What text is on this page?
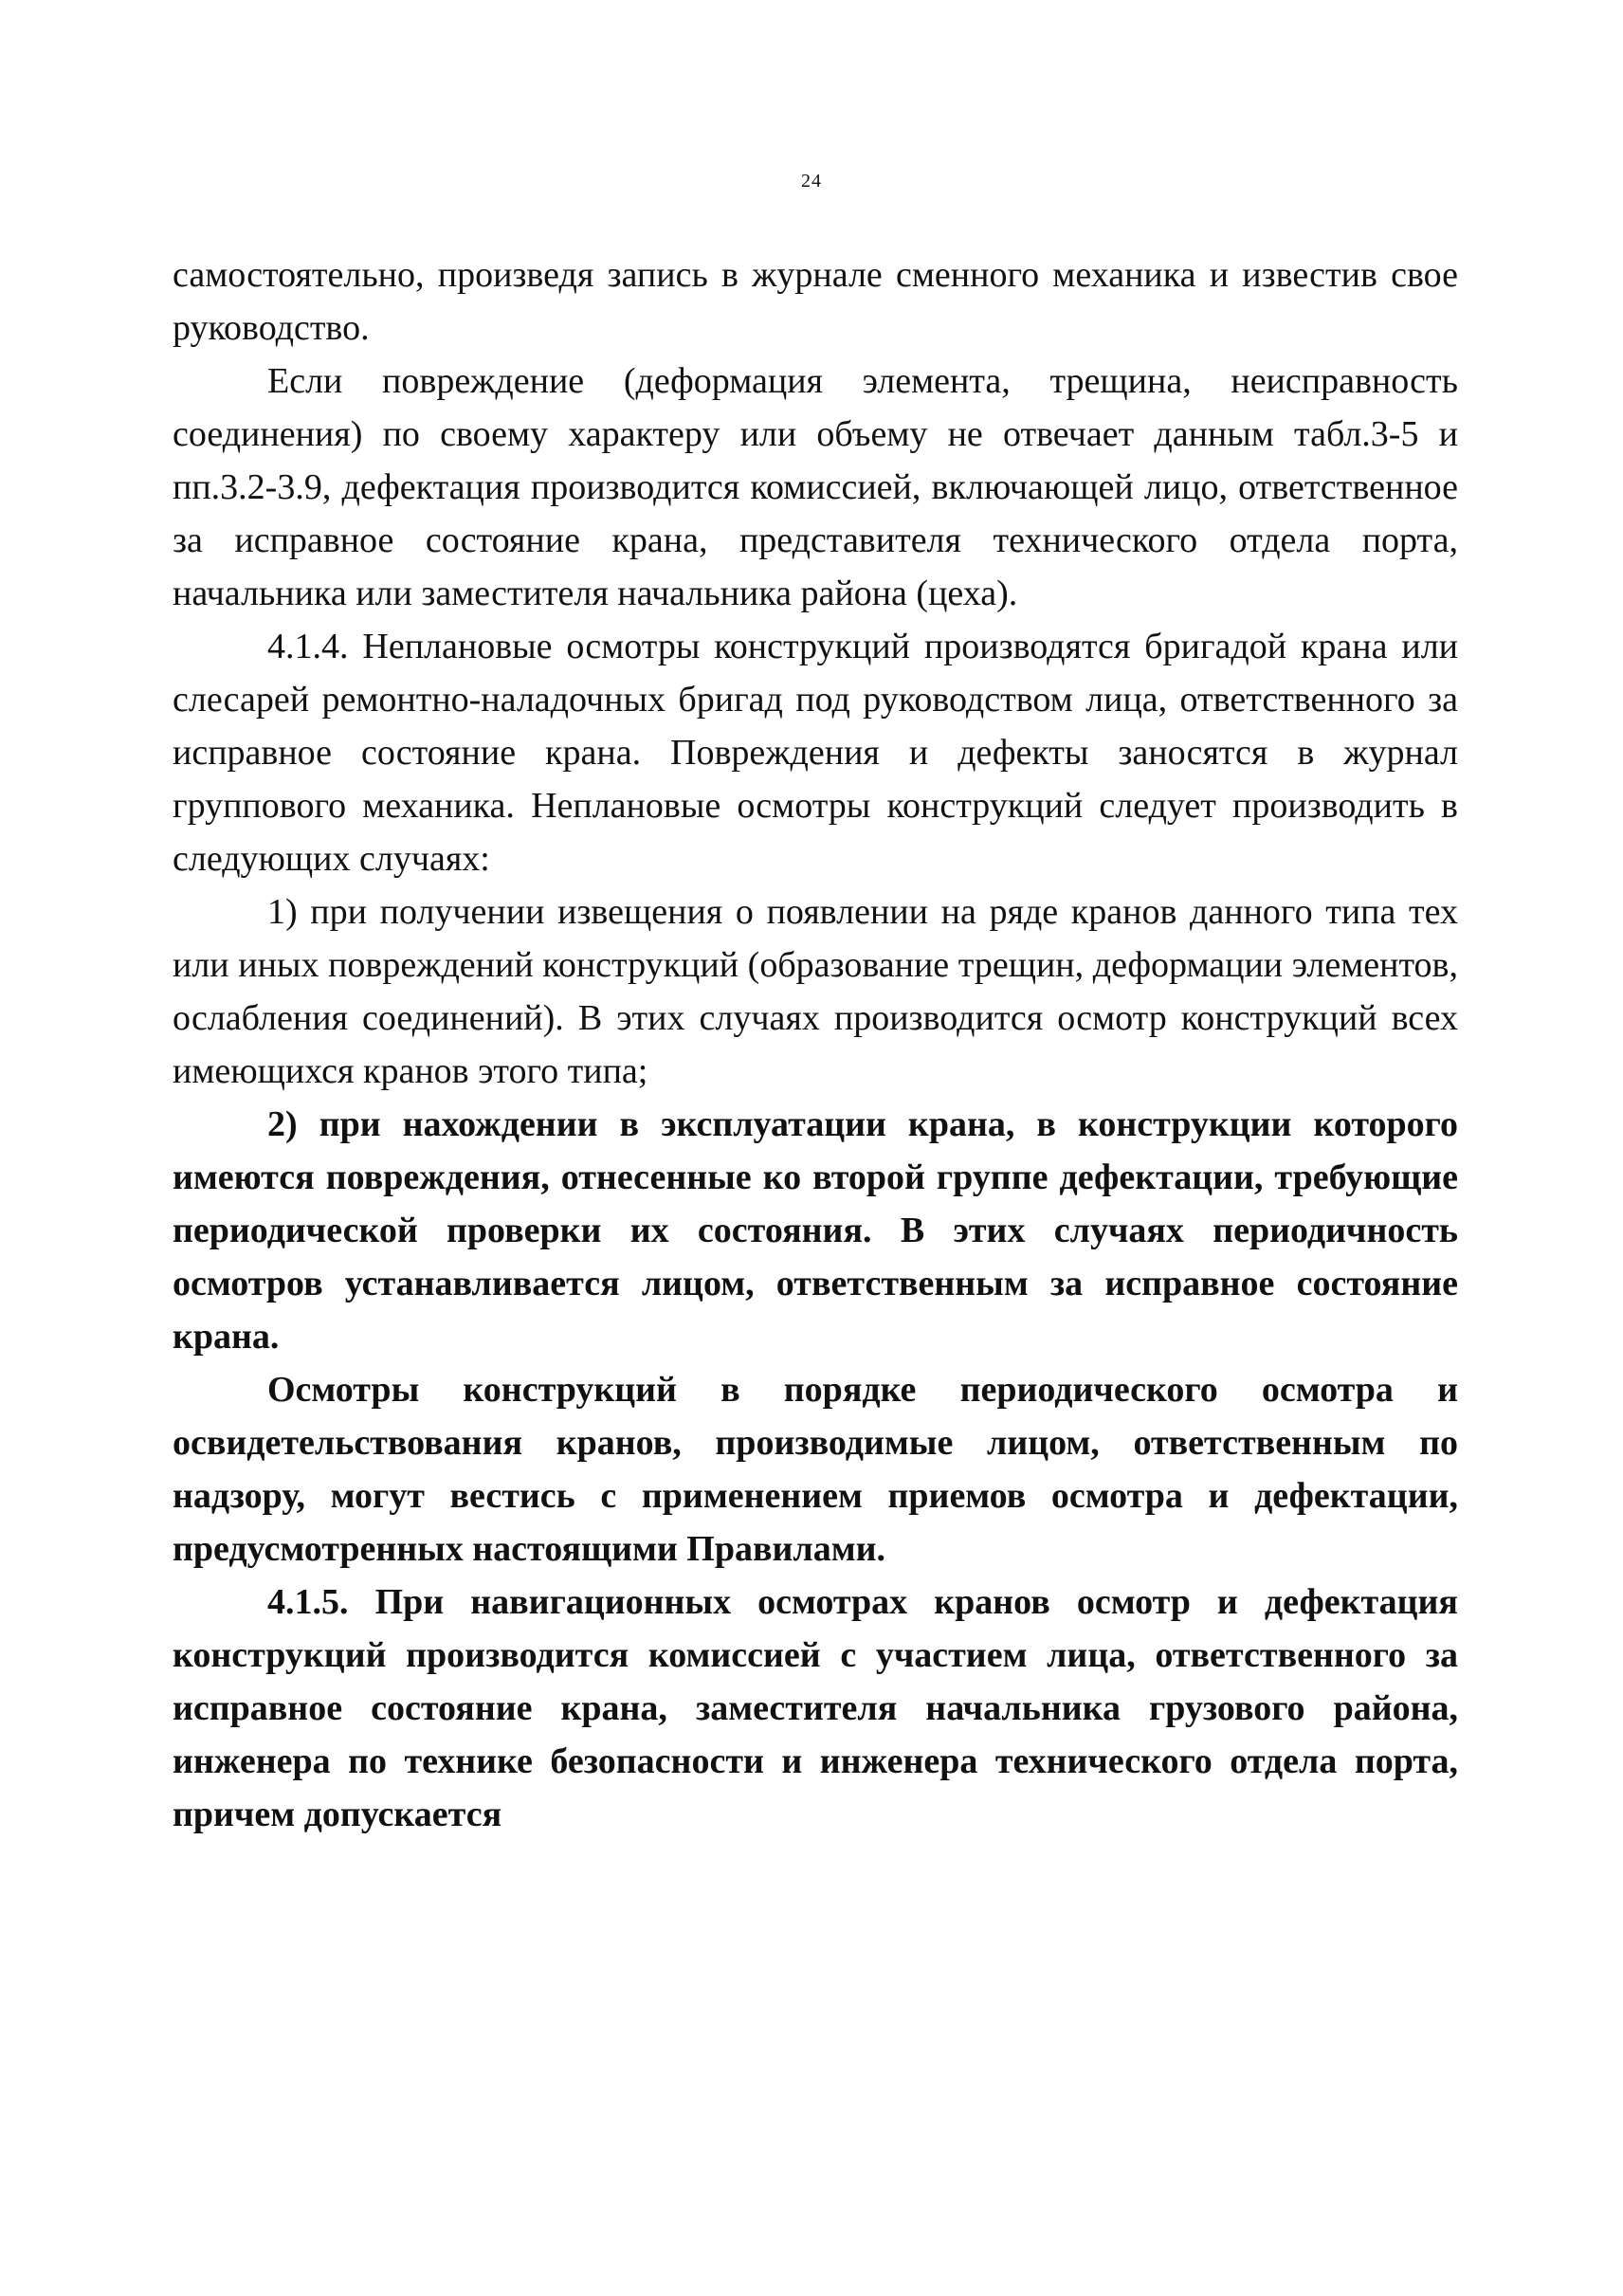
24

самостоятельно, произведя запись в журнале сменного механика и известив свое руководство.

Если повреждение (деформация элемента, трещина, неисправность соединения) по своему характеру или объему не отвечает данным табл.3-5 и пп.3.2-3.9, дефектация производится комиссией, включающей лицо, ответственное за исправное состояние крана, представителя технического отдела порта, начальника или заместителя начальника района (цеха).

4.1.4. Неплановые осмотры конструкций производятся бригадой крана или слесарей ремонтно-наладочных бригад под руководством лица, ответственного за исправное состояние крана. Повреждения и дефекты заносятся в журнал группового механика. Неплановые осмотры конструкций следует производить в следующих случаях:

1) при получении извещения о появлении на ряде кранов данного типа тех или иных повреждений конструкций (образование трещин, деформации элементов, ослабления соединений). В этих случаях производится осмотр конструкций всех имеющихся кранов этого типа;

2) при нахождении в эксплуатации крана, в конструкции которого имеются повреждения, отнесенные ко второй группе дефектации, требующие периодической проверки их состояния. В этих случаях периодичность осмотров устанавливается лицом, ответственным за исправное состояние крана.

Осмотры конструкций в порядке периодического осмотра и освидетельствования кранов, производимые лицом, ответственным по надзору, могут вестись с применением приемов осмотра и дефектации, предусмотренных настоящими Правилами.

4.1.5. При навигационных осмотрах кранов осмотр и дефектация конструкций производится комиссией с участием лица, ответственного за исправное состояние крана, заместителя начальника грузового района, инженера по технике безопасности и инженера технического отдела порта, причем допускается
